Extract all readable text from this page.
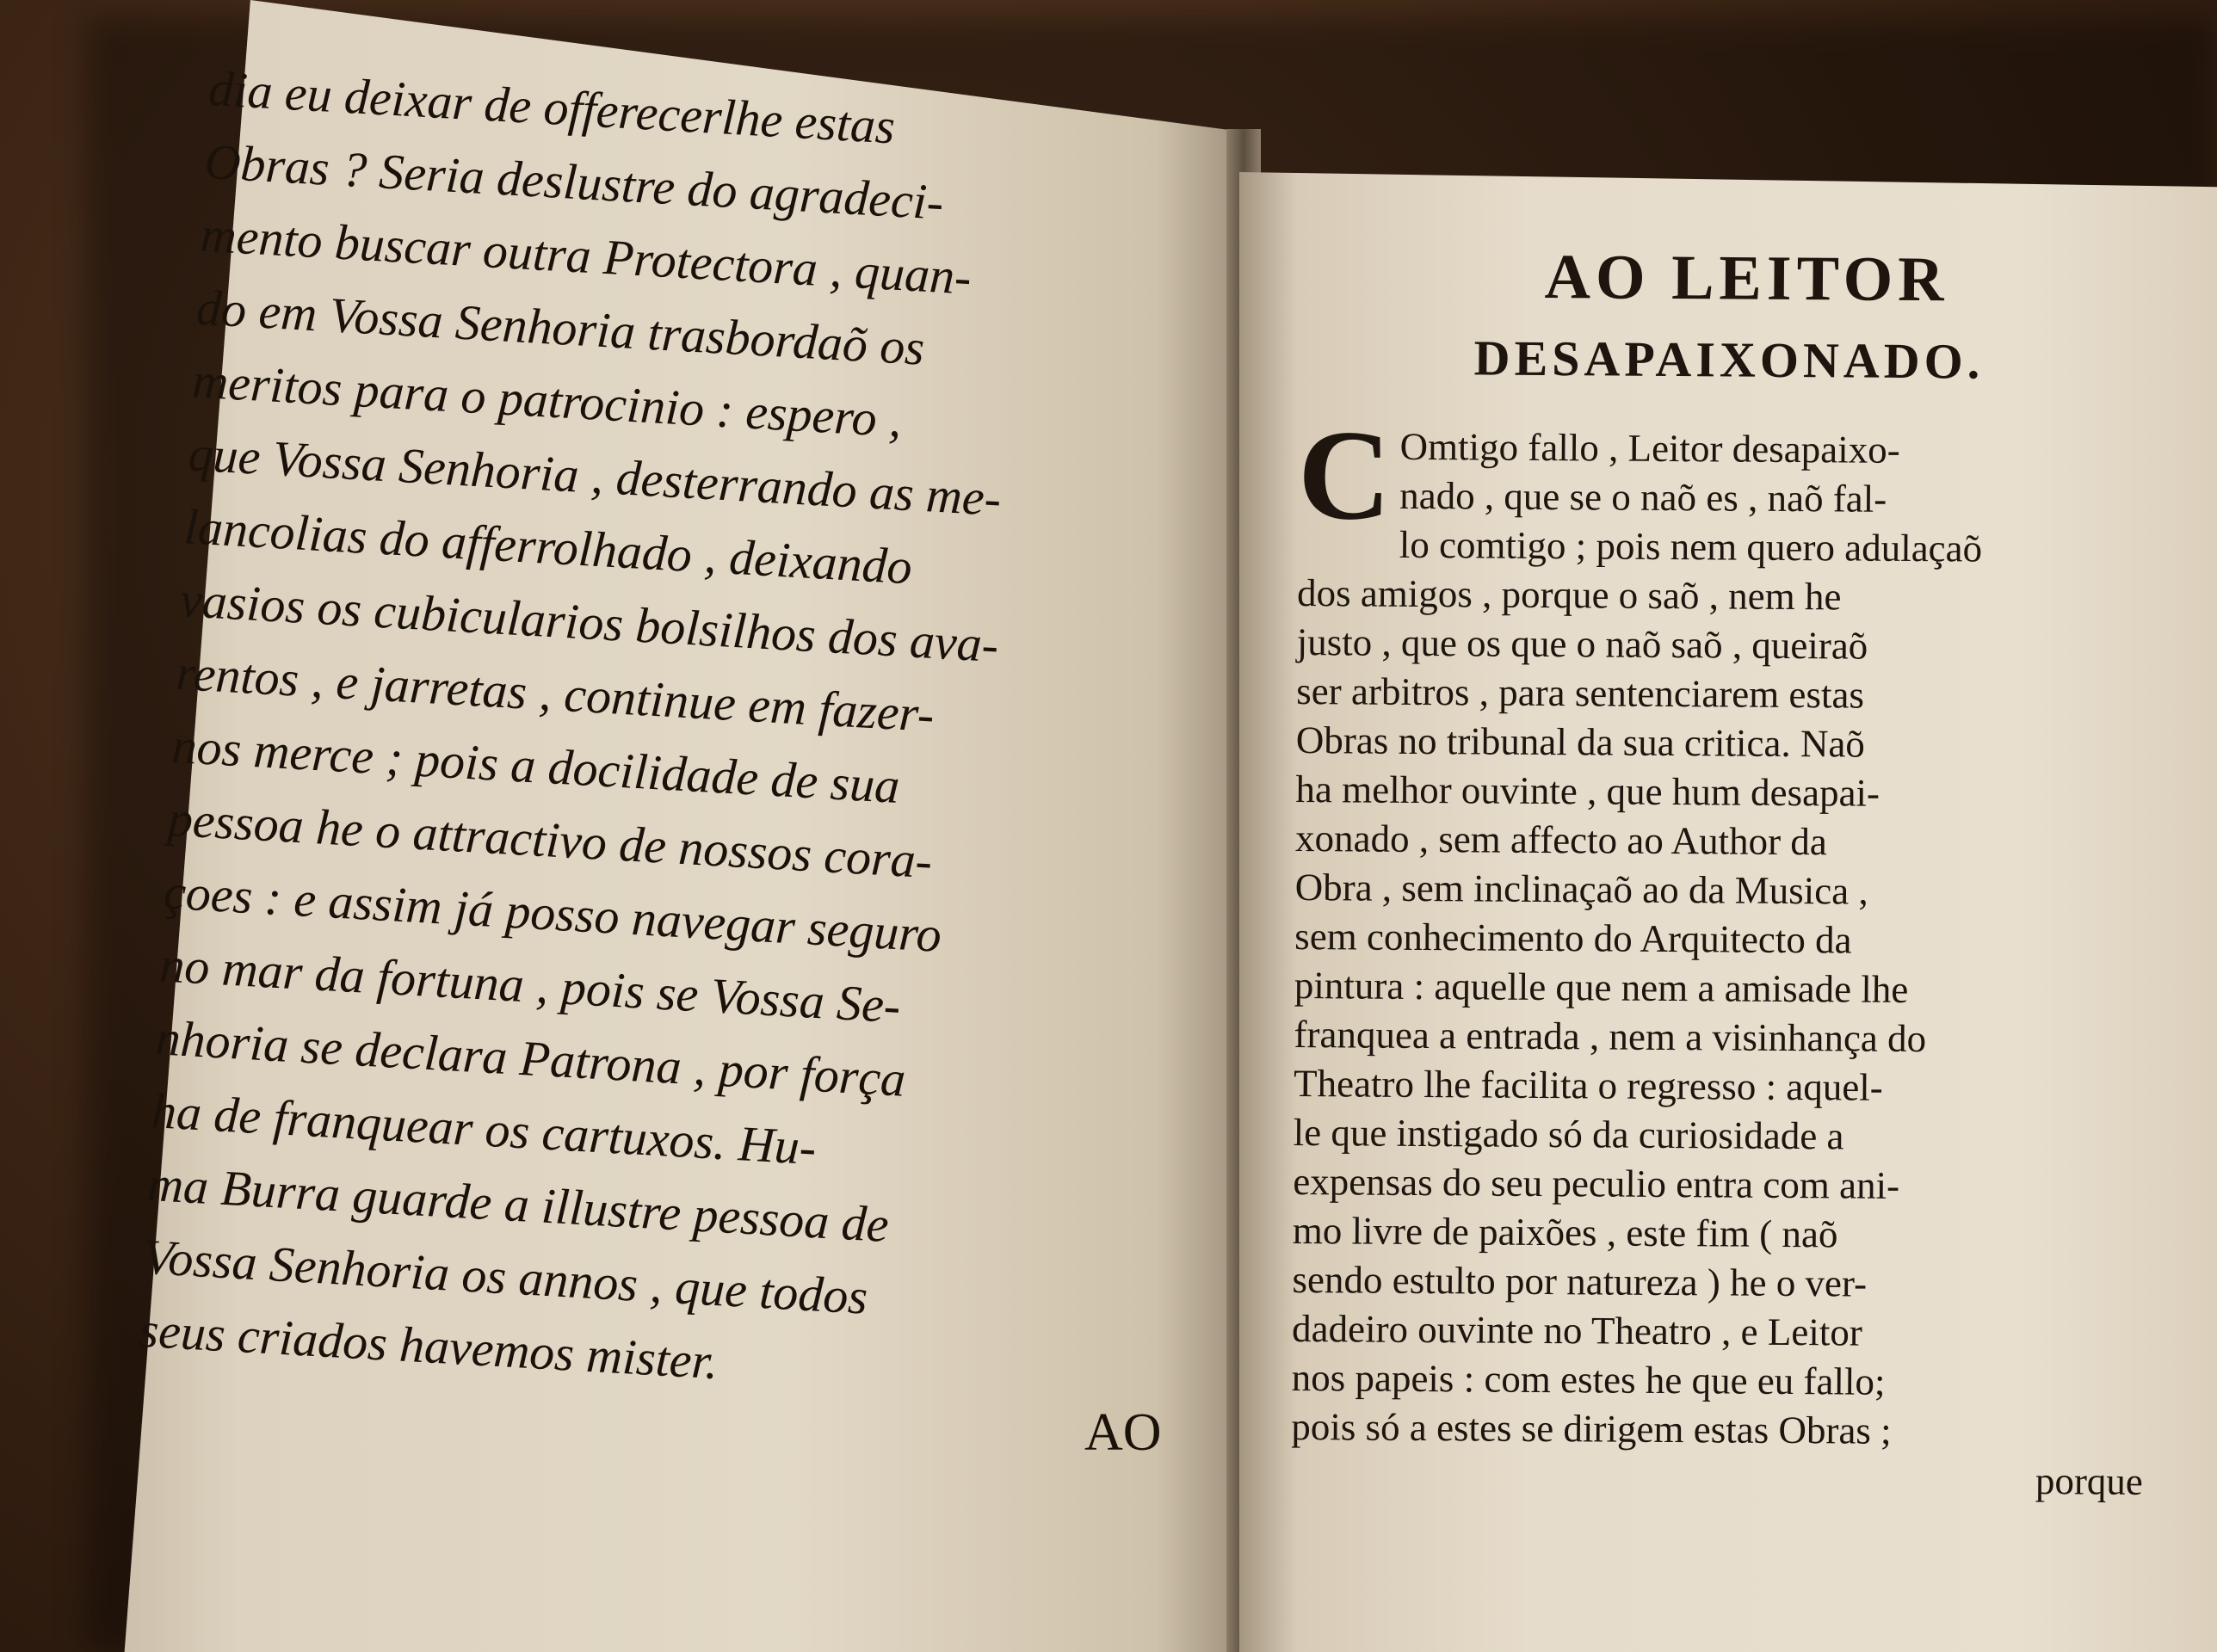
dia eu deixar de offerecerlhe estas
Obras ? Seria deslustre do agradeci-
mento buscar outra Protectora , quan-
do em Vossa Senhoria trasbordaõ os
meritos para o patrocinio : espero ,
que Vossa Senhoria , desterrando as me-
lancolias do afferrolhado , deixando
vasios os cubicularios bolsilhos dos ava-
rentos , e jarretas , continue em fazer-
nos merce ; pois a docilidade de sua
pessoa he o attractivo de nossos cora-
çoes : e assim já posso navegar seguro
no mar da fortuna , pois se Vossa Se-
nhoria se declara Patrona , por força
ha de franquear os cartuxos. Hu-
ma Burra guarde a illustre pessoa de
Vossa Senhoria os annos , que todos
seus criados havemos mister.
AO
AO LEITOR
DESAPAIXONADO.
C Omtigo fallo , Leitor desapaixo-
nado , que se o naõ es , naõ fal-
lo comtigo ; pois nem quero adulaçaõ
dos amigos , porque o saõ , nem he
justo , que os que o naõ saõ , queiraõ
ser arbitros , para sentenciarem estas
Obras no tribunal da sua critica. Naõ
ha melhor ouvinte , que hum desapai-
xonado , sem affecto ao Author da
Obra , sem inclinaçaõ ao da Musica ,
sem conhecimento do Arquitecto da
pintura : aquelle que nem a amisade lhe
franquea a entrada , nem a visinhança do
Theatro lhe facilita o regresso : aquel-
le que instigado só da curiosidade a
expensas do seu peculio entra com ani-
mo livre de paixões , este fim ( naõ
sendo estulto por natureza ) he o ver-
dadeiro ouvinte no Theatro , e Leitor
nos papeis : com estes he que eu fallo;
pois só a estes se dirigem estas Obras ;
porque
